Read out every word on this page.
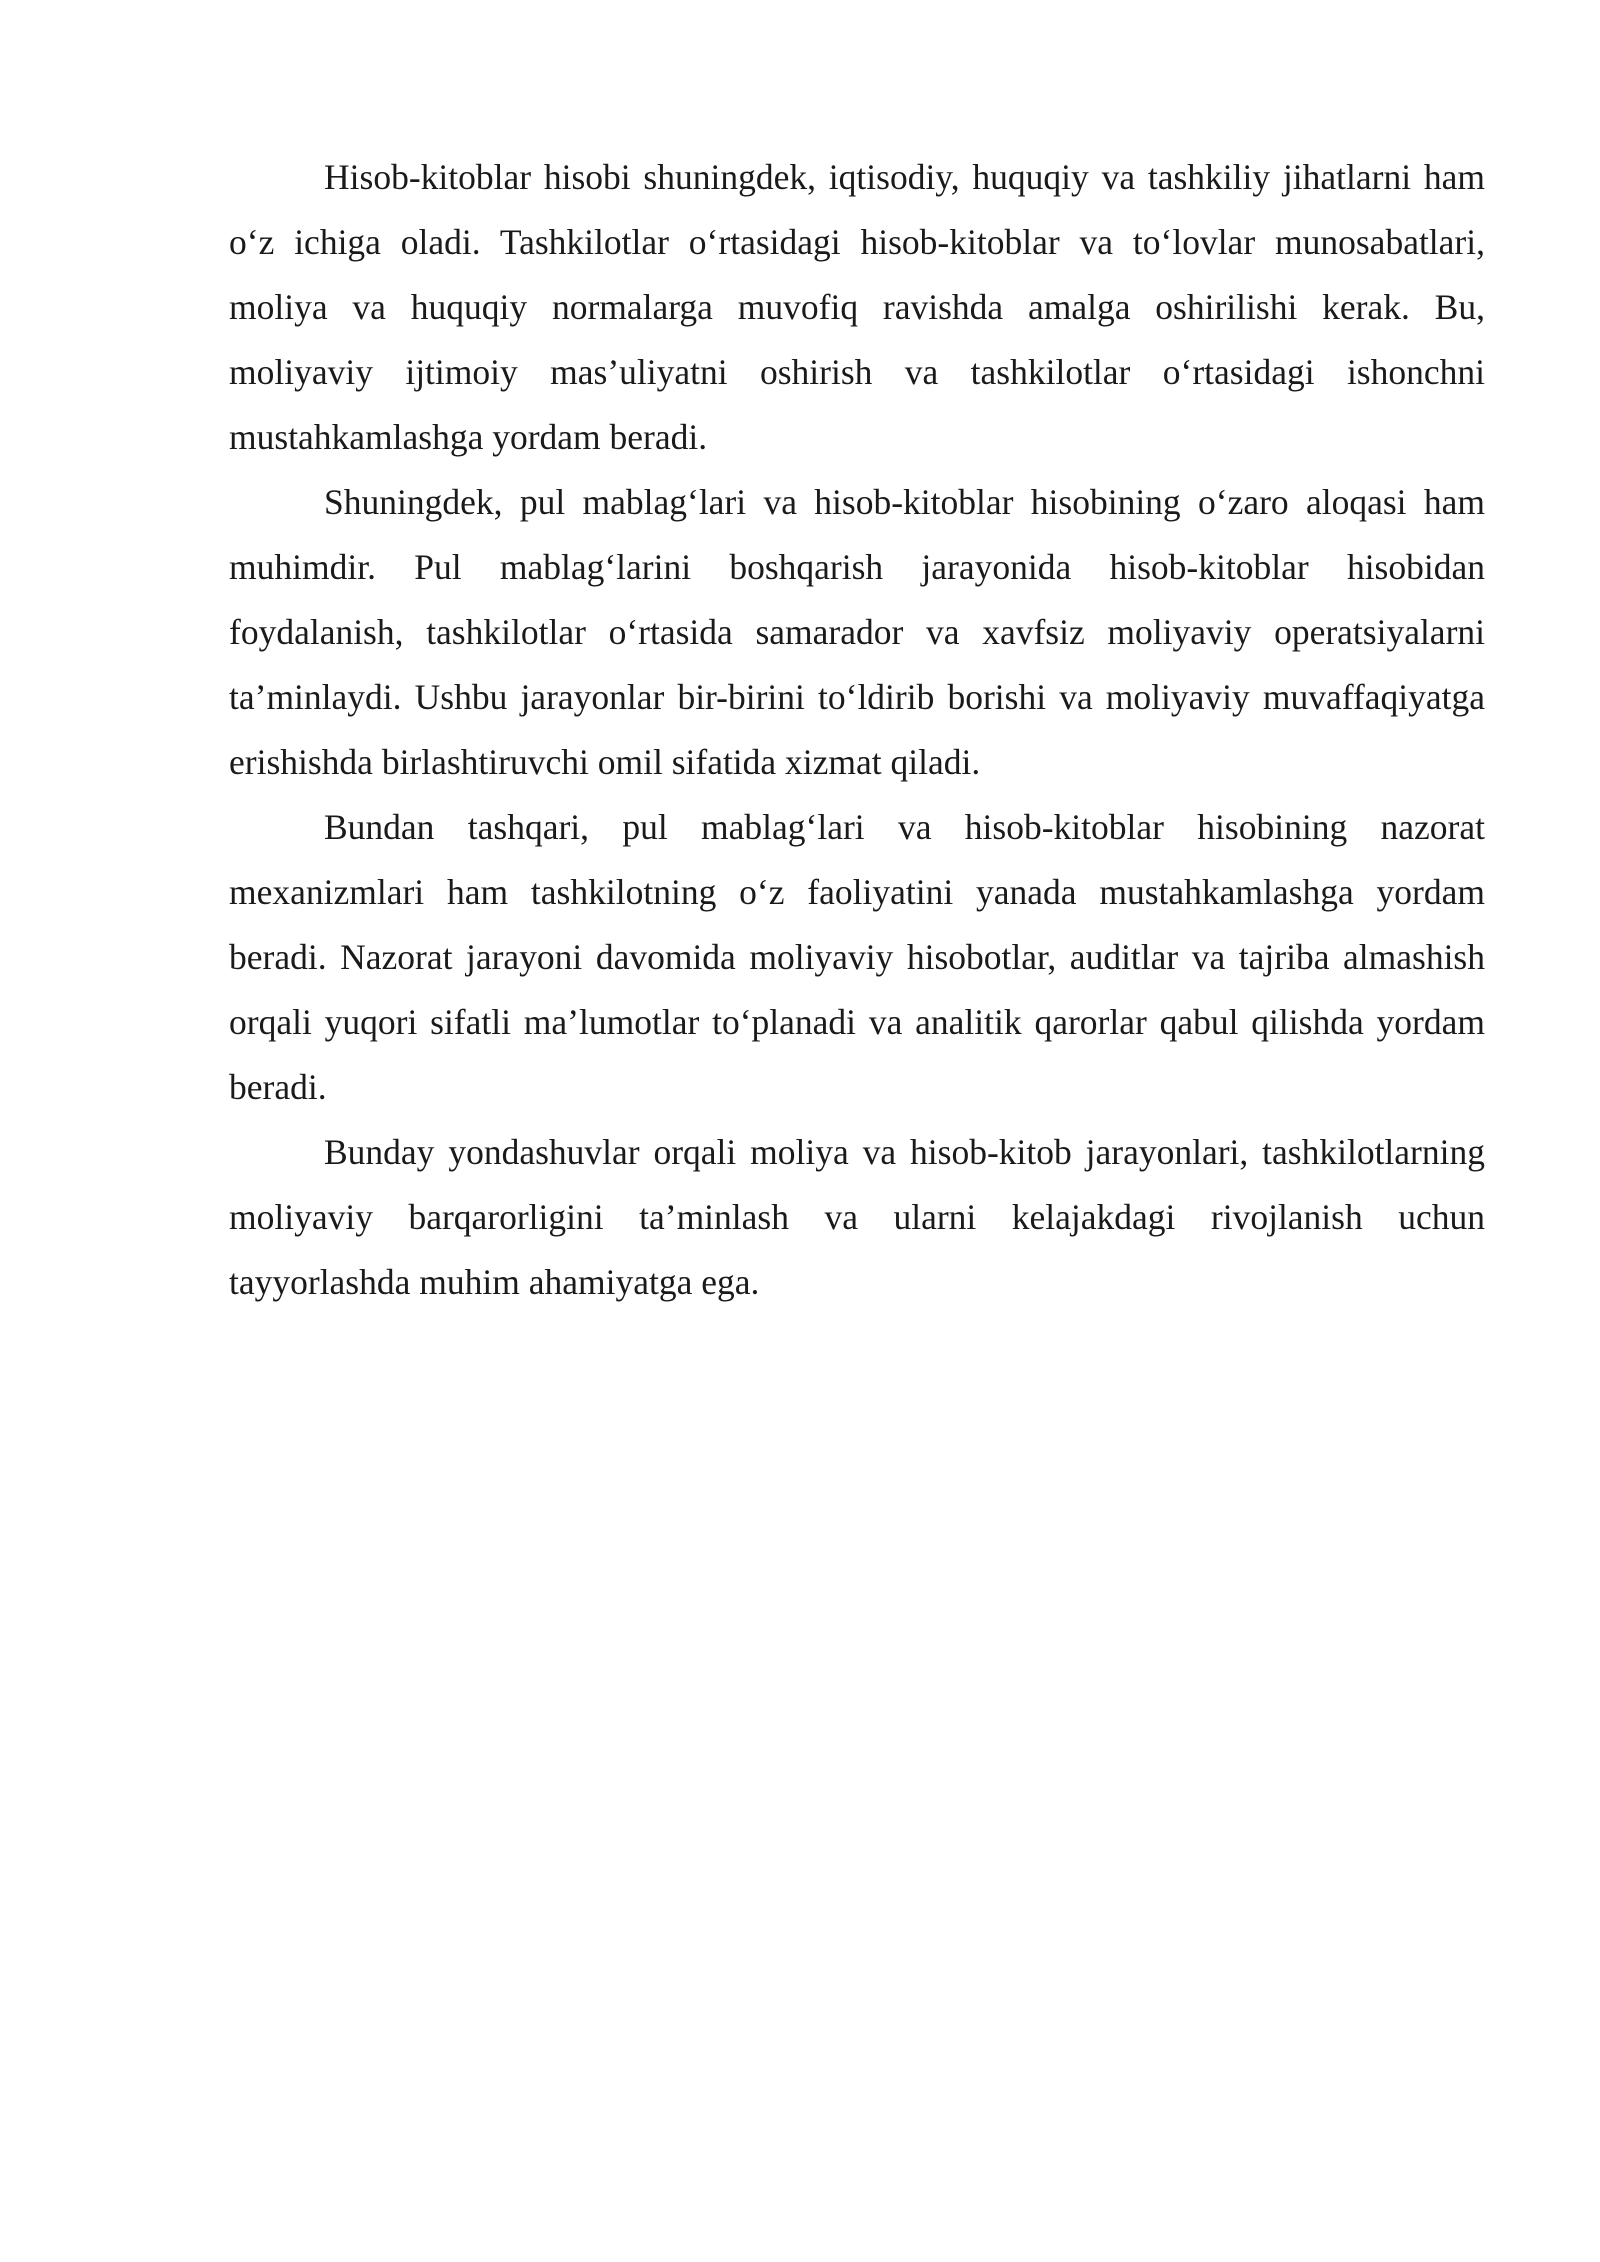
Hisob-kitoblar hisobi shuningdek, iqtisodiy, huquqiy va tashkiliy jihatlarni ham o‘z ichiga oladi. Tashkilotlar o‘rtasidagi hisob-kitoblar va to‘lovlar munosabatlari, moliya va huquqiy normalarga muvofiq ravishda amalga oshirilishi kerak. Bu, moliyaviy ijtimoiy mas’uliyatni oshirish va tashkilotlar o‘rtasidagi ishonchni mustahkamlashga yordam beradi.

Shuningdek, pul mablag‘lari va hisob-kitoblar hisobining o‘zaro aloqasi ham muhimdir. Pul mablag‘larini boshqarish jarayonida hisob-kitoblar hisobidan foydalanish, tashkilotlar o‘rtasida samarador va xavfsiz moliyaviy operatsiyalarni ta’minlaydi. Ushbu jarayonlar bir-birini to‘ldirib borishi va moliyaviy muvaffaqiyatga erishishda birlashtiruvchi omil sifatida xizmat qiladi.

Bundan tashqari, pul mablag‘lari va hisob-kitoblar hisobining nazorat mexanizmlari ham tashkilotning o‘z faoliyatini yanada mustahkamlashga yordam beradi. Nazorat jarayoni davomida moliyaviy hisobotlar, auditlar va tajriba almashish orqali yuqori sifatli ma’lumotlar to‘planadi va analitik qarorlar qabul qilishda yordam beradi.

Bunday yondashuvlar orqali moliya va hisob-kitob jarayonlari, tashkilotlarning moliyaviy barqarorligini ta’minlash va ularni kelajakdagi rivojlanish uchun tayyorlashda muhim ahamiyatga ega.
